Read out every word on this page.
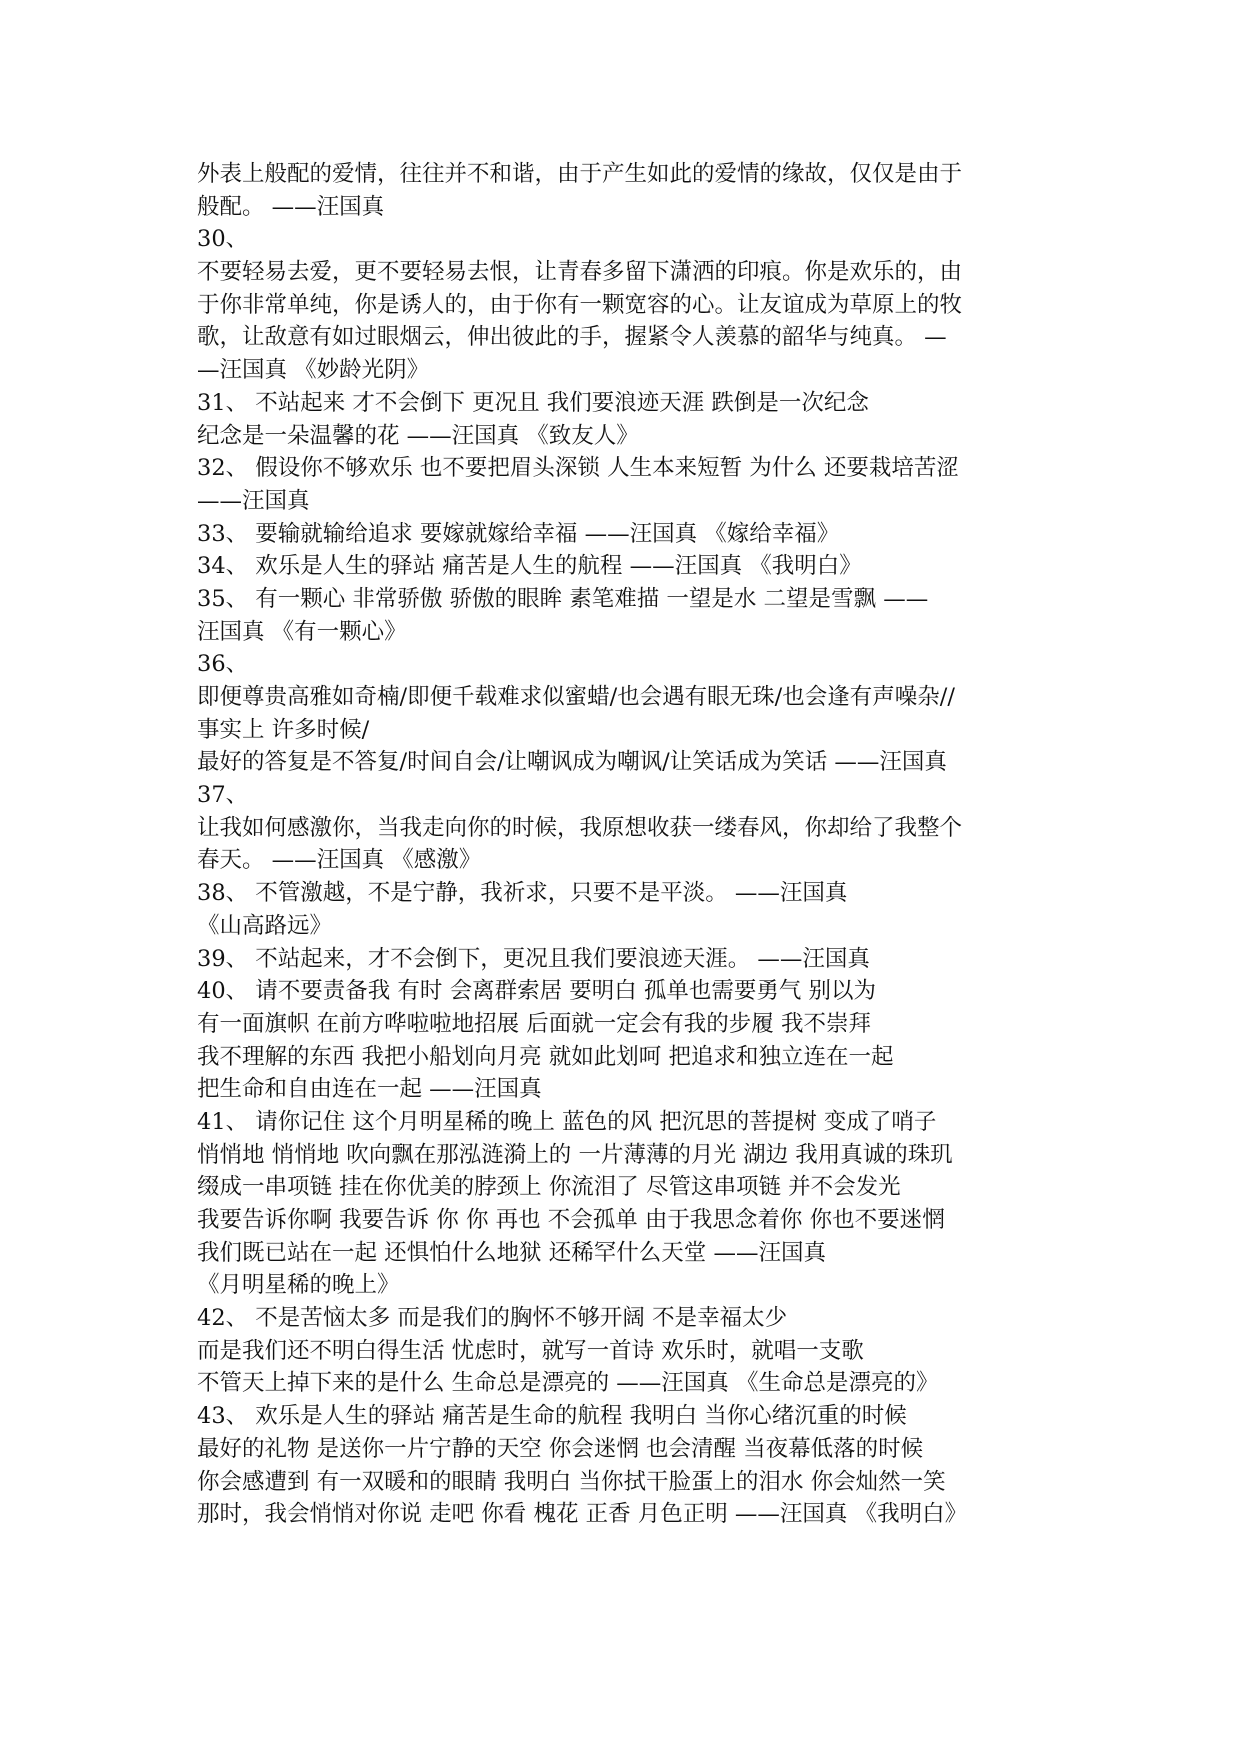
外表上般配的爱情，往往并不和谐，由于产生如此的爱情的缘故，仅仅是由于
般配。 ——汪国真
30、
不要轻易去爱，更不要轻易去恨，让青春多留下潇洒的印痕。你是欢乐的，由
于你非常单纯，你是诱人的，由于你有一颗宽容的心。让友谊成为草原上的牧
歌，让敌意有如过眼烟云，伸出彼此的手，握紧令人羡慕的韶华与纯真。 —
—汪国真 《妙龄光阴》
31、 不站起来 才不会倒下 更况且 我们要浪迹天涯 跌倒是一次纪念
纪念是一朵温馨的花 ——汪国真 《致友人》
32、 假设你不够欢乐 也不要把眉头深锁 人生本来短暂 为什么 还要栽培苦涩
——汪国真
33、 要输就输给追求 要嫁就嫁给幸福 ——汪国真 《嫁给幸福》
34、 欢乐是人生的驿站 痛苦是人生的航程 ——汪国真 《我明白》
35、 有一颗心 非常骄傲 骄傲的眼眸 素笔难描 一望是水 二望是雪飘 ——
汪国真 《有一颗心》
36、
即便尊贵高雅如奇楠/即便千载难求似蜜蜡/也会遇有眼无珠/也会逢有声噪杂//
事实上 许多时候/
最好的答复是不答复/时间自会/让嘲讽成为嘲讽/让笑话成为笑话 ——汪国真
37、
让我如何感激你，当我走向你的时候，我原想收获一缕春风，你却给了我整个
春天。 ——汪国真 《感激》
38、 不管激越，不是宁静，我祈求，只要不是平淡。 ——汪国真
《山高路远》
39、 不站起来，才不会倒下，更况且我们要浪迹天涯。 ——汪国真
40、 请不要责备我 有时 会离群索居 要明白 孤单也需要勇气 别以为
有一面旗帜 在前方哗啦啦地招展 后面就一定会有我的步履 我不崇拜
我不理解的东西 我把小船划向月亮 就如此划呵 把追求和独立连在一起
把生命和自由连在一起 ——汪国真
41、 请你记住 这个月明星稀的晚上 蓝色的风 把沉思的菩提树 变成了哨子
悄悄地 悄悄地 吹向飘在那泓涟漪上的 一片薄薄的月光 湖边 我用真诚的珠玑
缀成一串项链 挂在你优美的脖颈上 你流泪了 尽管这串项链 并不会发光
我要告诉你啊 我要告诉 你 你 再也 不会孤单 由于我思念着你 你也不要迷惘
我们既已站在一起 还惧怕什么地狱 还稀罕什么天堂 ——汪国真
《月明星稀的晚上》
42、 不是苦恼太多 而是我们的胸怀不够开阔 不是幸福太少
而是我们还不明白得生活 忧虑时，就写一首诗 欢乐时，就唱一支歌
不管天上掉下来的是什么 生命总是漂亮的 ——汪国真 《生命总是漂亮的》
43、 欢乐是人生的驿站 痛苦是生命的航程 我明白 当你心绪沉重的时候
最好的礼物 是送你一片宁静的天空 你会迷惘 也会清醒 当夜幕低落的时候
你会感遭到 有一双暖和的眼睛 我明白 当你拭干脸蛋上的泪水 你会灿然一笑
那时，我会悄悄对你说 走吧 你看 槐花 正香 月色正明 ——汪国真 《我明白》
